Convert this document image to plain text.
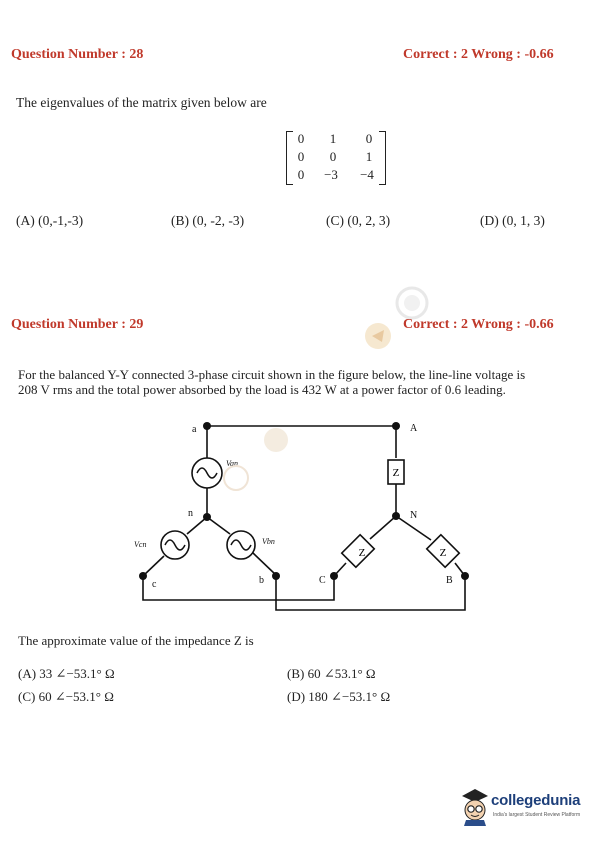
Question Number : 28	Correct : 2 Wrong : -0.66
The eigenvalues of the matrix given below are
0	1	0
0	0	1
0	−3	−4
(A) (0,-1,-3)	(B) (0, -2, -3)	(C) (0, 2, 3)	(D) (0, 1, 3)
Question Number : 29	Correct : 2 Wrong : -0.66
For the balanced Y-Y connected 3-phase circuit shown in the figure below, the line-line voltage is
208 V rms and the total power absorbed by the load is 432 W at a power factor of 0.6 leading.
Z
Z	Z
a
n
c	b	C
A
N
B
Van
Vbn
Vcn
The approximate value of the impedance Z is
(A) 33 ∠−53.1° Ω	(B) 60 ∠53.1° Ω
(C) 60 ∠−53.1° Ω	(D) 180 ∠−53.1° Ω
collegedunia
India's largest Student Review Platform
